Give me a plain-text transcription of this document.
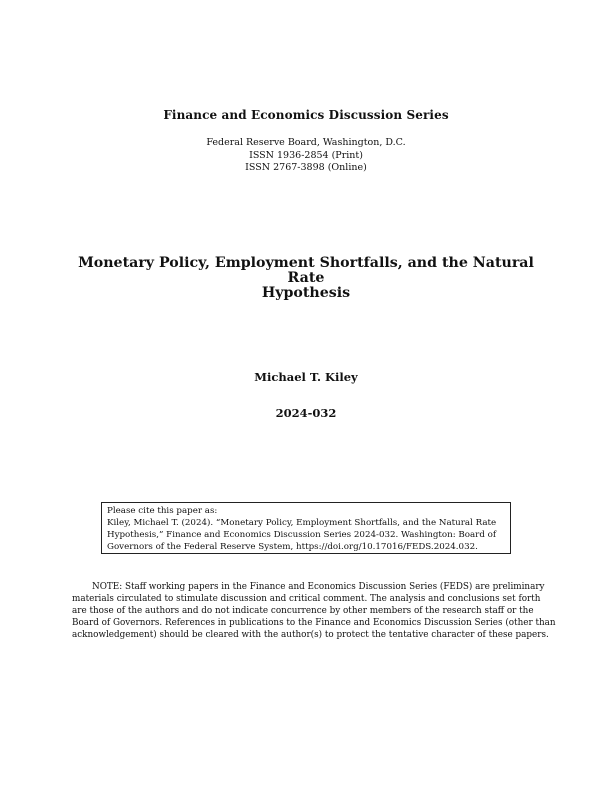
Finance and Economics Discussion Series
Federal Reserve Board, Washington, D.C.
ISSN 1936-2854 (Print)
ISSN 2767-3898 (Online)
Monetary Policy, Employment Shortfalls, and the Natural Rate
Hypothesis
Michael T. Kiley
2024-032
Please cite this paper as:
Kiley, Michael T. (2024). “Monetary Policy, Employment Shortfalls, and the Natural Rate
Hypothesis,” Finance and Economics Discussion Series 2024-032. Washington: Board of
Governors of the Federal Reserve System, https://doi.org/10.17016/FEDS.2024.032.
NOTE: Staff working papers in the Finance and Economics Discussion Series (FEDS) are preliminary
materials circulated to stimulate discussion and critical comment. The analysis and conclusions set forth
are those of the authors and do not indicate concurrence by other members of the research staff or the
Board of Governors. References in publications to the Finance and Economics Discussion Series (other than
acknowledgement) should be cleared with the author(s) to protect the tentative character of these papers.
